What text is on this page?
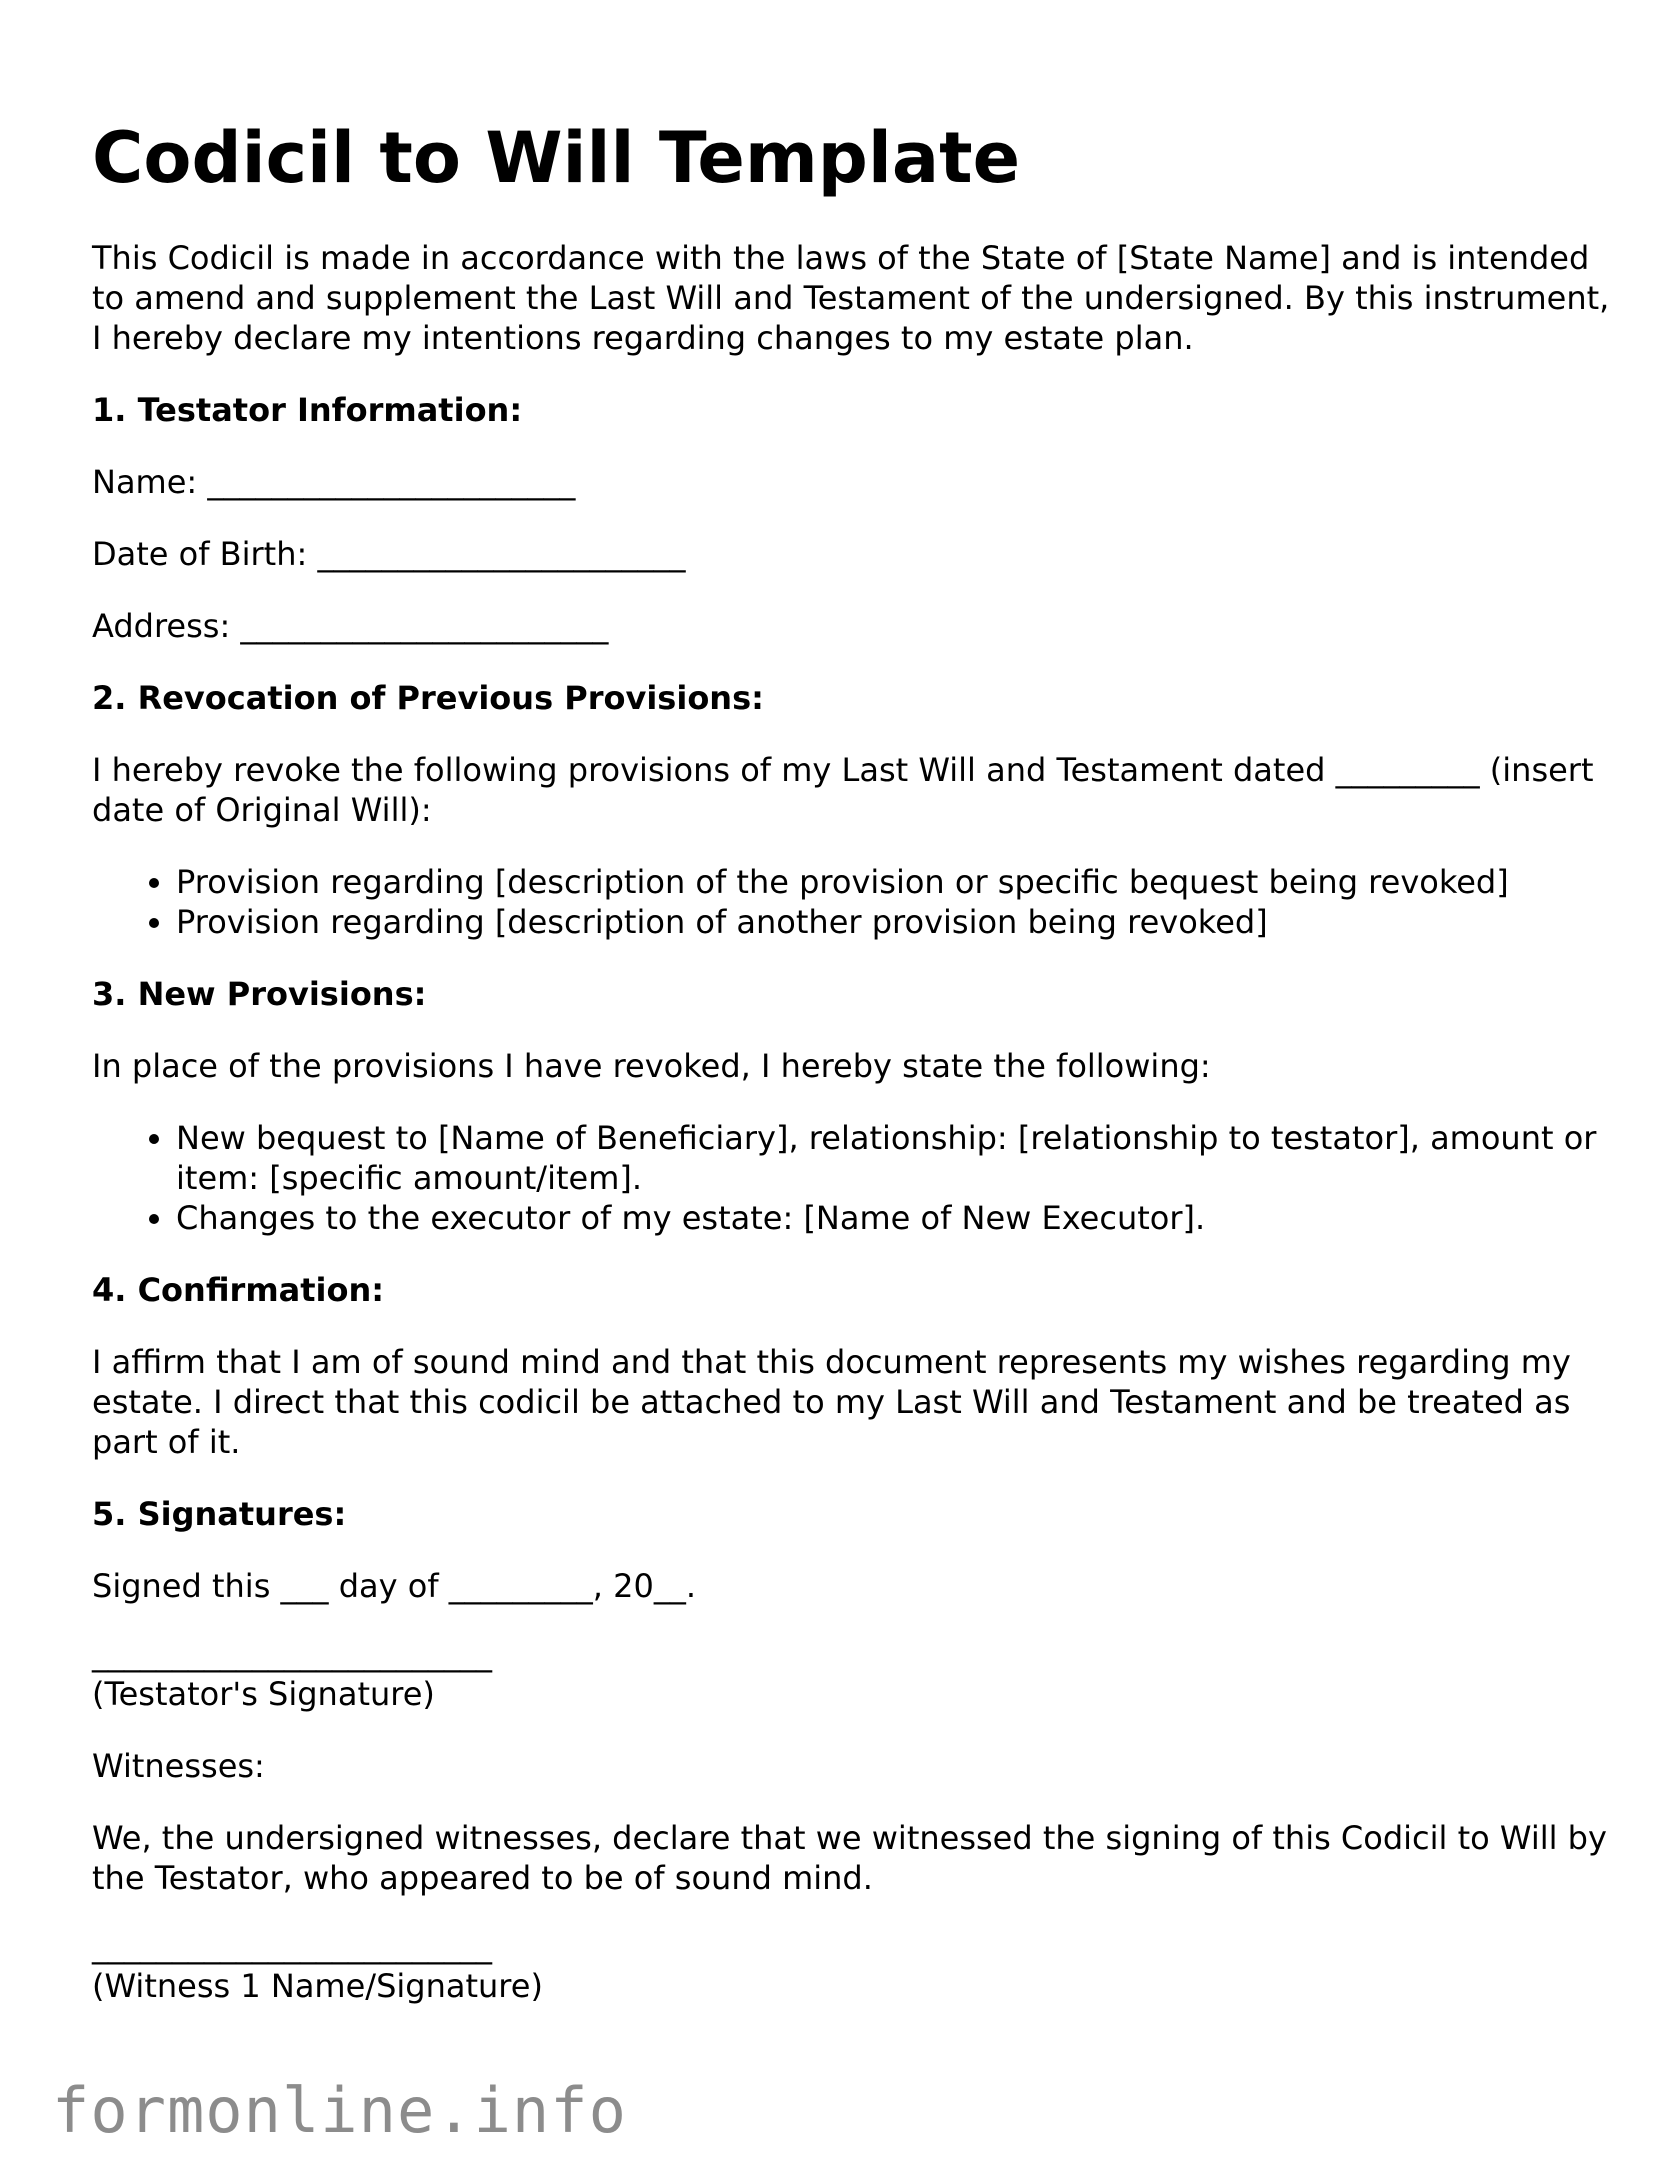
Codicil to Will Template

This Codicil is made in accordance with the laws of the State of [State Name] and is intended to amend and supplement the Last Will and Testament of the undersigned. By this instrument, I hereby declare my intentions regarding changes to my estate plan.

1. Testator Information:

Name: _______________________

Date of Birth: _______________________

Address: _______________________

2. Revocation of Previous Provisions:

I hereby revoke the following provisions of my Last Will and Testament dated _________ (insert date of Original Will):

• Provision regarding [description of the provision or specific bequest being revoked]
• Provision regarding [description of another provision being revoked]
3. New Provisions:

In place of the provisions I have revoked, I hereby state the following:

• New bequest to [Name of Beneficiary], relationship: [relationship to testator], amount or item: [specific amount/item].
• Changes to the executor of my estate: [Name of New Executor].
4. Confirmation:

I affirm that I am of sound mind and that this document represents my wishes regarding my estate. I direct that this codicil be attached to my Last Will and Testament and be treated as part of it.

5. Signatures:

Signed this ___ day of _________, 20__.

_________________________
(Testator's Signature)

Witnesses:

We, the undersigned witnesses, declare that we witnessed the signing of this Codicil to Will by the Testator, who appeared to be of sound mind.

_________________________
(Witness 1 Name/Signature)

formonline.info
